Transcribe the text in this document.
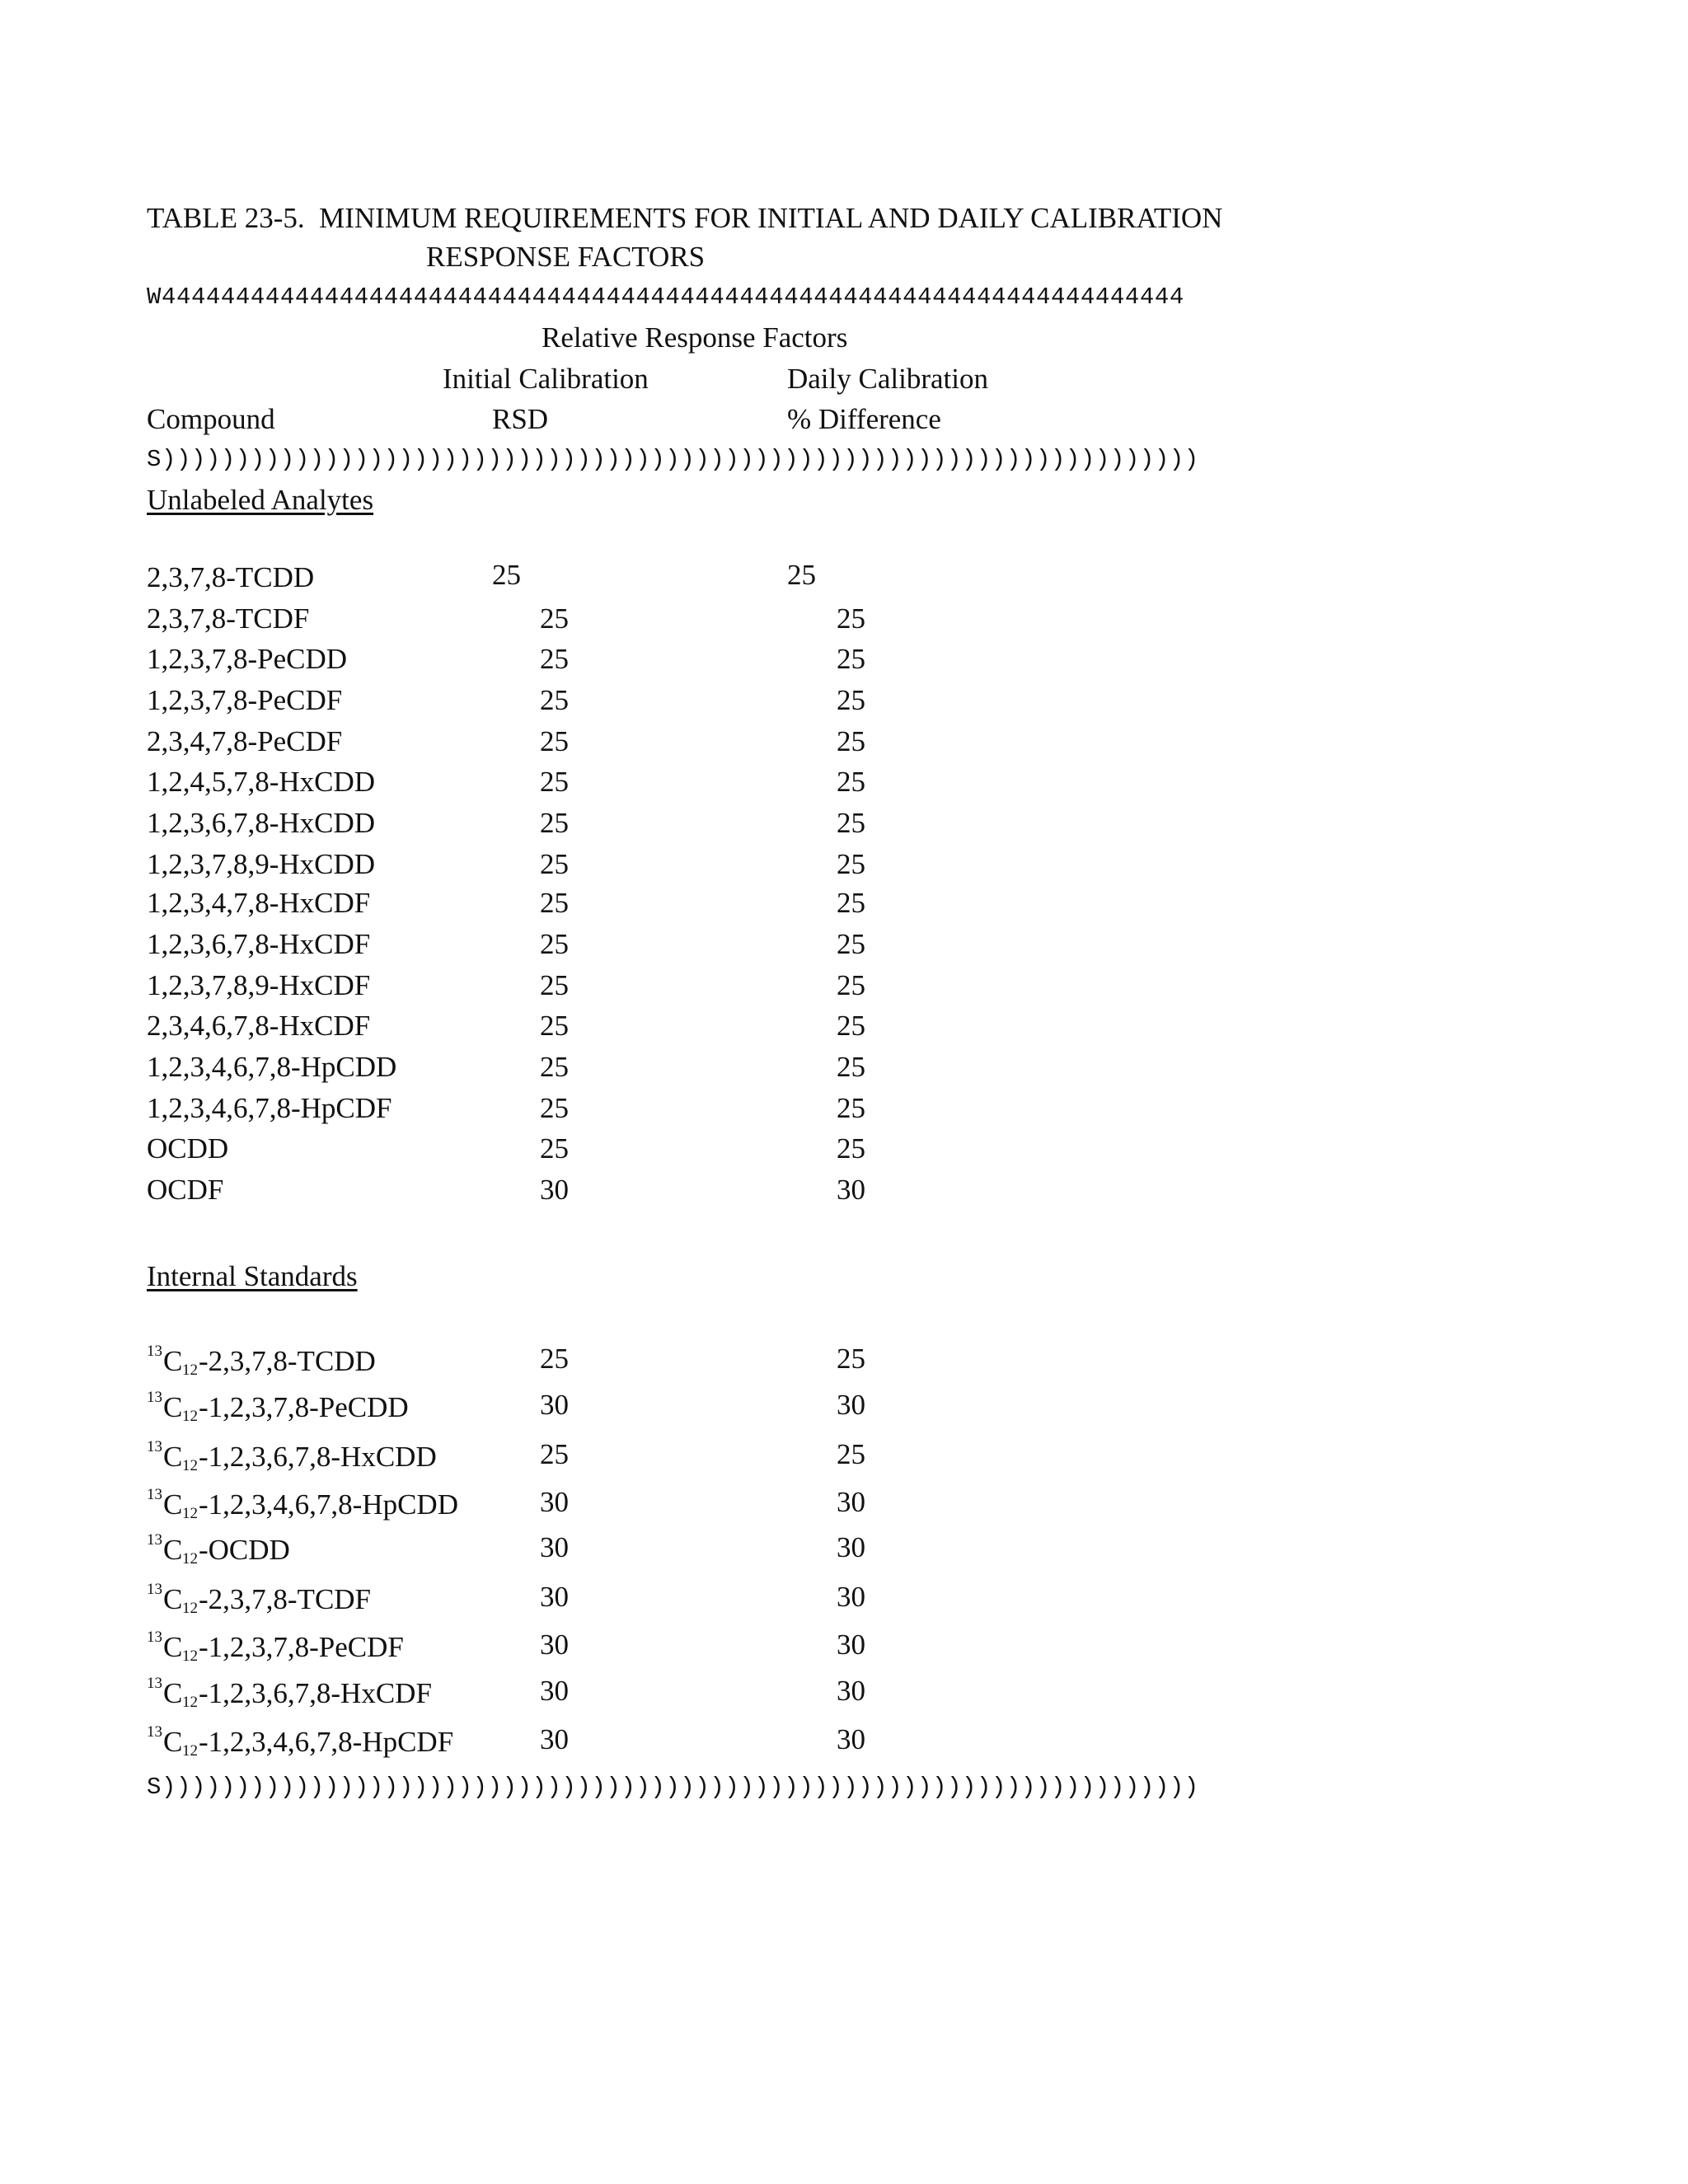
TABLE 23-5.  MINIMUM REQUIREMENTS FOR INITIAL AND DAILY CALIBRATION
RESPONSE FACTORS
W444444444444444444444444444444444444444444444444444444444444444444444
Relative Response Factors
Initial Calibration	Daily Calibration
Compound	RSD	% Difference
S))))))))))))))))))))))))))))))))))))))))))))))))))))))))))))))))))))))
Unlabeled Analytes
2,3,7,8-TCDD	25	25
2,3,7,8-TCDF	25	25
1,2,3,7,8-PeCDD	25	25
1,2,3,7,8-PeCDF	25	25
2,3,4,7,8-PeCDF	25	25
1,2,4,5,7,8-HxCDD	25	25
1,2,3,6,7,8-HxCDD	25	25
1,2,3,7,8,9-HxCDD	25	25
1,2,3,4,7,8-HxCDF	25	25
1,2,3,6,7,8-HxCDF	25	25
1,2,3,7,8,9-HxCDF	25	25
2,3,4,6,7,8-HxCDF	25	25
1,2,3,4,6,7,8-HpCDD	25	25
1,2,3,4,6,7,8-HpCDF	25	25
OCDD	25	25
OCDF	30	30
Internal Standards
13 C 12 -2,3,7,8-TCDD	25	25
13 C 12 -1,2,3,7,8-PeCDD	30	30
13 C 12 -1,2,3,6,7,8-HxCDD	25	25
13 C 12 -1,2,3,4,6,7,8-HpCDD	30	30
13 C 12 -OCDD	30	30
13 C 12 -2,3,7,8-TCDF	30	30
13 C 12 -1,2,3,7,8-PeCDF	30	30
13 C 12 -1,2,3,6,7,8-HxCDF	30	30
13 C 12 -1,2,3,4,6,7,8-HpCDF	30	30
S))))))))))))))))))))))))))))))))))))))))))))))))))))))))))))))))))))))
